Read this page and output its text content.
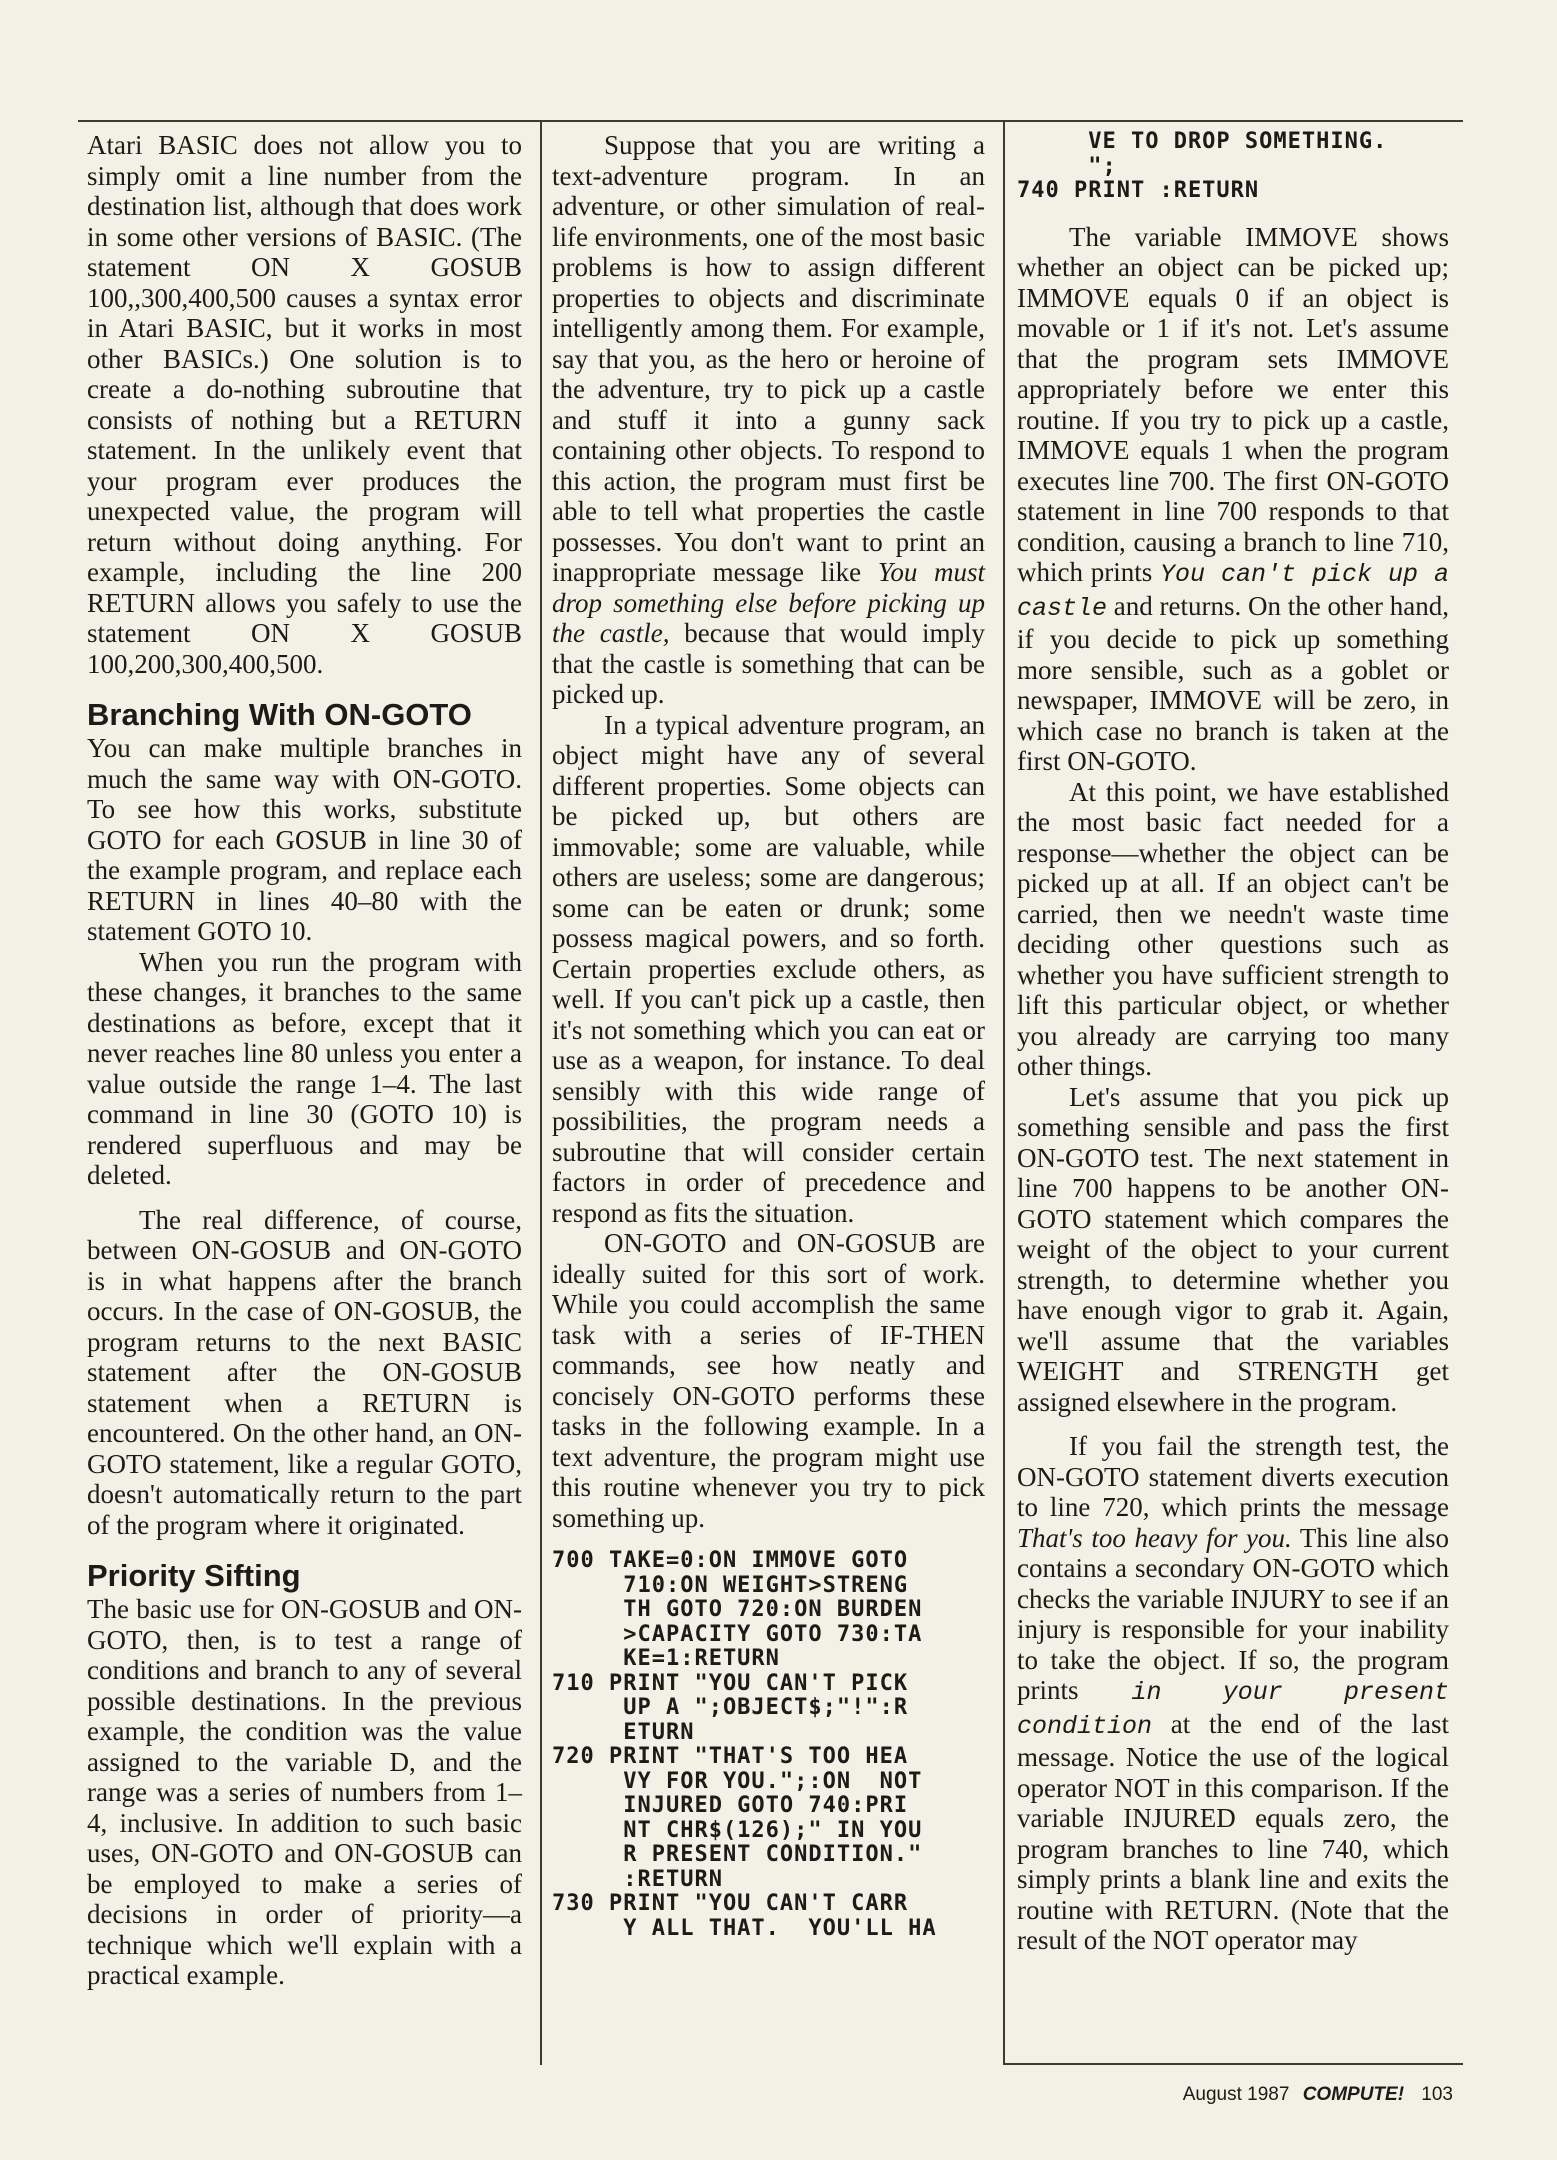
Atari BASIC does not allow you to simply omit a line number from the destination list, although that does work in some other versions of BASIC. (The statement ON X GOSUB 100,,300,400,500 causes a syntax error in Atari BASIC, but it works in most other BASICs.) One solution is to create a do-nothing subroutine that consists of nothing but a RETURN statement. In the unlikely event that your program ever produces the unexpected value, the program will return without doing anything. For example, including the line 200 RETURN allows you safely to use the statement ON X GOSUB 100,200,300,400,500.

Branching With ON-GOTO

You can make multiple branches in much the same way with ON-GOTO. To see how this works, substitute GOTO for each GOSUB in line 30 of the example program, and replace each RETURN in lines 40–80 with the statement GOTO 10.

When you run the program with these changes, it branches to the same destinations as before, except that it never reaches line 80 unless you enter a value outside the range 1–4. The last command in line 30 (GOTO 10) is rendered superfluous and may be deleted.

The real difference, of course, between ON-GOSUB and ON-GOTO is in what happens after the branch occurs. In the case of ON-GOSUB, the program returns to the next BASIC statement after the ON-GOSUB statement when a RETURN is encountered. On the other hand, an ON-GOTO statement, like a regular GOTO, doesn't automatically return to the part of the program where it originated.

Priority Sifting

The basic use for ON-GOSUB and ON-GOTO, then, is to test a range of conditions and branch to any of several possible destinations. In the previous example, the condition was the value assigned to the variable D, and the range was a series of numbers from 1–4, inclusive. In addition to such basic uses, ON-GOTO and ON-GOSUB can be employed to make a series of decisions in order of priority—a technique which we'll explain with a practical example.

Suppose that you are writing a text-adventure program. In an adventure, or other simulation of real-life environments, one of the most basic problems is how to assign different properties to objects and discriminate intelligently among them. For example, say that you, as the hero or heroine of the adventure, try to pick up a castle and stuff it into a gunny sack containing other objects. To respond to this action, the program must first be able to tell what properties the castle possesses. You don't want to print an inappropriate message like You must drop something else before picking up the castle, because that would imply that the castle is something that can be picked up.

In a typical adventure program, an object might have any of several different properties. Some objects can be picked up, but others are immovable; some are valuable, while others are useless; some are dangerous; some can be eaten or drunk; some possess magical powers, and so forth. Certain properties exclude others, as well. If you can't pick up a castle, then it's not something which you can eat or use as a weapon, for instance. To deal sensibly with this wide range of possibilities, the program needs a subroutine that will consider certain factors in order of precedence and respond as fits the situation.

ON-GOTO and ON-GOSUB are ideally suited for this sort of work. While you could accomplish the same task with a series of IF-THEN commands, see how neatly and concisely ON-GOTO performs these tasks in the following example. In a text adventure, the program might use this routine whenever you try to pick something up.

700 TAKE=0:ON IMMOVE GOTO
710:ON WEIGHT>STRENG
TH GOTO 720:ON BURDEN
>CAPACITY GOTO 730:TA
KE=1:RETURN
710 PRINT "YOU CAN'T PICK
UP A ";OBJECT$;"!":R
ETURN
720 PRINT "THAT'S TOO HEA
VY FOR YOU.";:ON  NOT
INJURED GOTO 740:PRI
NT CHR$(126);" IN YOU
R PRESENT CONDITION."
:RETURN
730 PRINT "YOU CAN'T CARR
Y ALL THAT.  YOU'LL HA
VE TO DROP SOMETHING.
";
740 PRINT :RETURN

The variable IMMOVE shows whether an object can be picked up; IMMOVE equals 0 if an object is movable or 1 if it's not. Let's assume that the program sets IMMOVE appropriately before we enter this routine. If you try to pick up a castle, IMMOVE equals 1 when the program executes line 700. The first ON-GOTO statement in line 700 responds to that condition, causing a branch to line 710, which prints You can't pick up a castle and returns. On the other hand, if you decide to pick up something more sensible, such as a goblet or newspaper, IMMOVE will be zero, in which case no branch is taken at the first ON-GOTO.

At this point, we have established the most basic fact needed for a response—whether the object can be picked up at all. If an object can't be carried, then we needn't waste time deciding other questions such as whether you have sufficient strength to lift this particular object, or whether you already are carrying too many other things.

Let's assume that you pick up something sensible and pass the first ON-GOTO test. The next statement in line 700 happens to be another ON-GOTO statement which compares the weight of the object to your current strength, to determine whether you have enough vigor to grab it. Again, we'll assume that the variables WEIGHT and STRENGTH get assigned elsewhere in the program.

If you fail the strength test, the ON-GOTO statement diverts execution to line 720, which prints the message That's too heavy for you. This line also contains a secondary ON-GOTO which checks the variable INJURY to see if an injury is responsible for your inability to take the object. If so, the program prints in your present condition at the end of the last message. Notice the use of the logical operator NOT in this comparison. If the variable INJURED equals zero, the program branches to line 740, which simply prints a blank line and exits the routine with RETURN. (Note that the result of the NOT operator may

August 1987 COMPUTE! 103
